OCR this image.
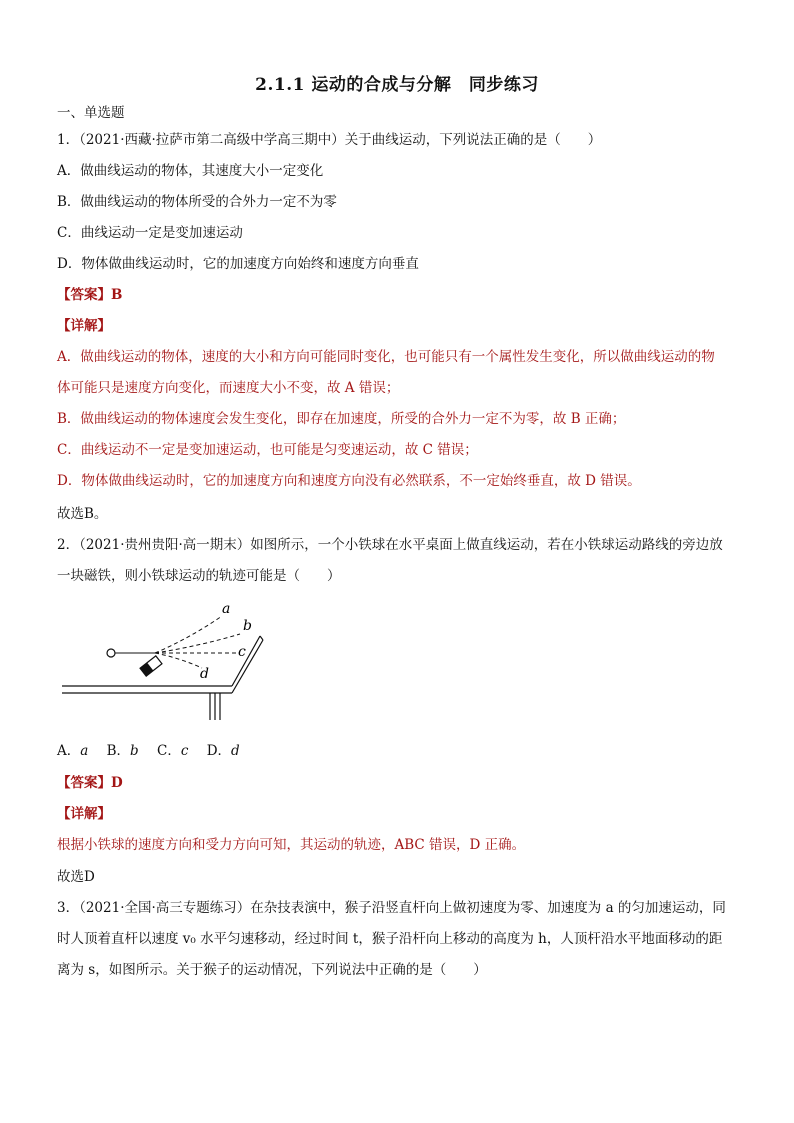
2.1.1 运动的合成与分解　同步练习
一、单选题
1．（2021·西藏·拉萨市第二高级中学高三期中）关于曲线运动，下列说法正确的是（　　）
A．做曲线运动的物体，其速度大小一定变化
B．做曲线运动的物体所受的合外力一定不为零
C．曲线运动一定是变加速运动
D．物体做曲线运动时，它的加速度方向始终和速度方向垂直
【答案】B
【详解】
A．做曲线运动的物体，速度的大小和方向可能同时变化，也可能只有一个属性发生变化，所以做曲线运动的物
体可能只是速度方向变化，而速度大小不变，故 A 错误；
B．做曲线运动的物体速度会发生变化，即存在加速度，所受的合外力一定不为零，故 B 正确；
C．曲线运动不一定是变加速运动，也可能是匀变速运动，故 C 错误；
D．物体做曲线运动时，它的加速度方向和速度方向没有必然联系，不一定始终垂直，故 D 错误。
故选B。
2．（2021·贵州贵阳·高一期末）如图所示，一个小铁球在水平桌面上做直线运动，若在小铁球运动路线的旁边放
一块磁铁，则小铁球运动的轨迹可能是（　　）
a
b
c
d
A．a B．b C．c D．d
【答案】D
【详解】
根据小铁球的速度方向和受力方向可知，其运动的轨迹，ABC 错误，D 正确。
故选D
3．（2021·全国·高三专题练习）在杂技表演中，猴子沿竖直杆向上做初速度为零、加速度为 a 的匀加速运动，同
时人顶着直杆以速度 v₀ 水平匀速移动，经过时间 t，猴子沿杆向上移动的高度为 h，人顶杆沿水平地面移动的距
离为 s，如图所示。关于猴子的运动情况，下列说法中正确的是（　　）
